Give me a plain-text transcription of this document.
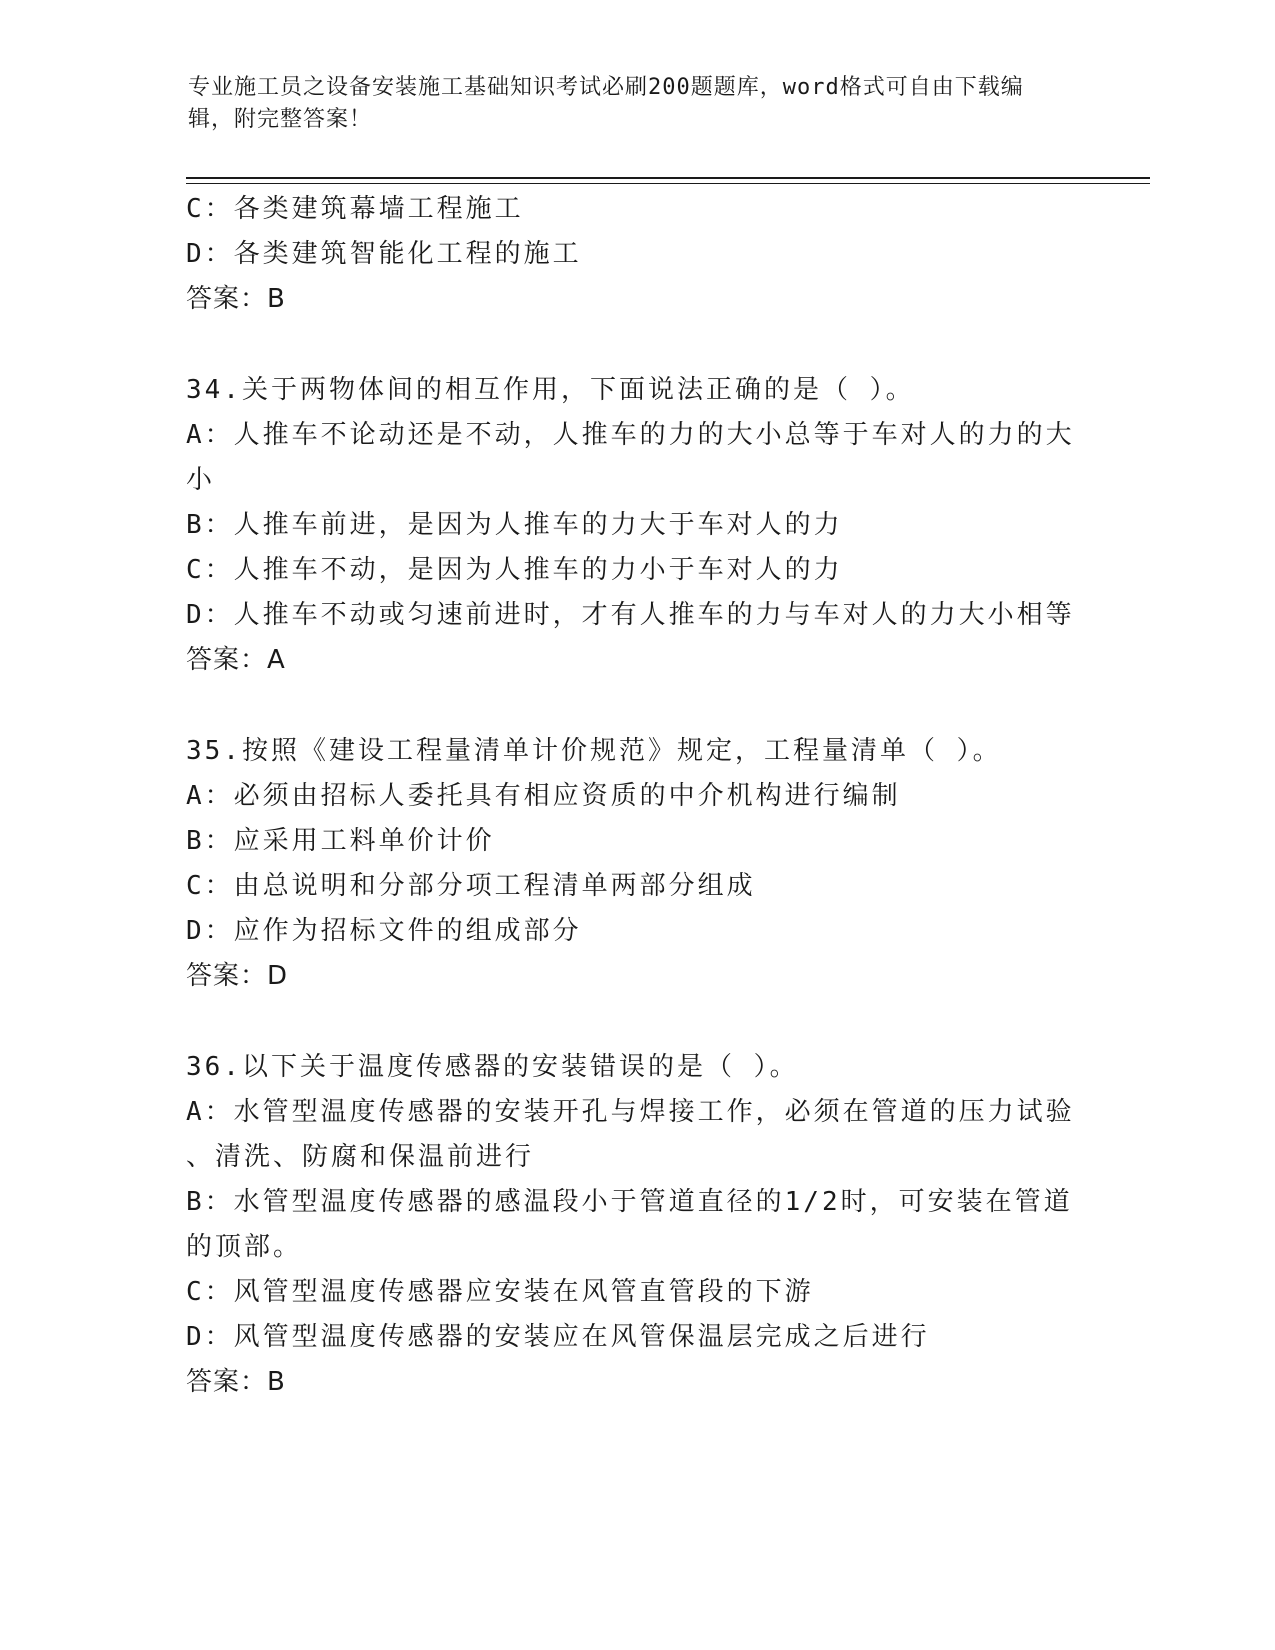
专业施工员之设备安装施工基础知识考试必刷200题题库，word格式可自由下载编辑，附完整答案！
C：各类建筑幕墙工程施工
D：各类建筑智能化工程的施工
答案：B
34.关于两物体间的相互作用，下面说法正确的是（ ）。
A：人推车不论动还是不动，人推车的力的大小总等于车对人的力的大
小
B：人推车前进，是因为人推车的力大于车对人的力
C：人推车不动，是因为人推车的力小于车对人的力
D：人推车不动或匀速前进时，才有人推车的力与车对人的力大小相等
答案：A
35.按照《建设工程量清单计价规范》规定，工程量清单（ ）。
A：必须由招标人委托具有相应资质的中介机构进行编制
B：应采用工料单价计价
C：由总说明和分部分项工程清单两部分组成
D：应作为招标文件的组成部分
答案：D
36.以下关于温度传感器的安装错误的是（ ）。
A：水管型温度传感器的安装开孔与焊接工作，必须在管道的压力试验
、清洗、防腐和保温前进行
B：水管型温度传感器的感温段小于管道直径的1/2时，可安装在管道
的顶部。
C：风管型温度传感器应安装在风管直管段的下游
D：风管型温度传感器的安装应在风管保温层完成之后进行
答案：B
